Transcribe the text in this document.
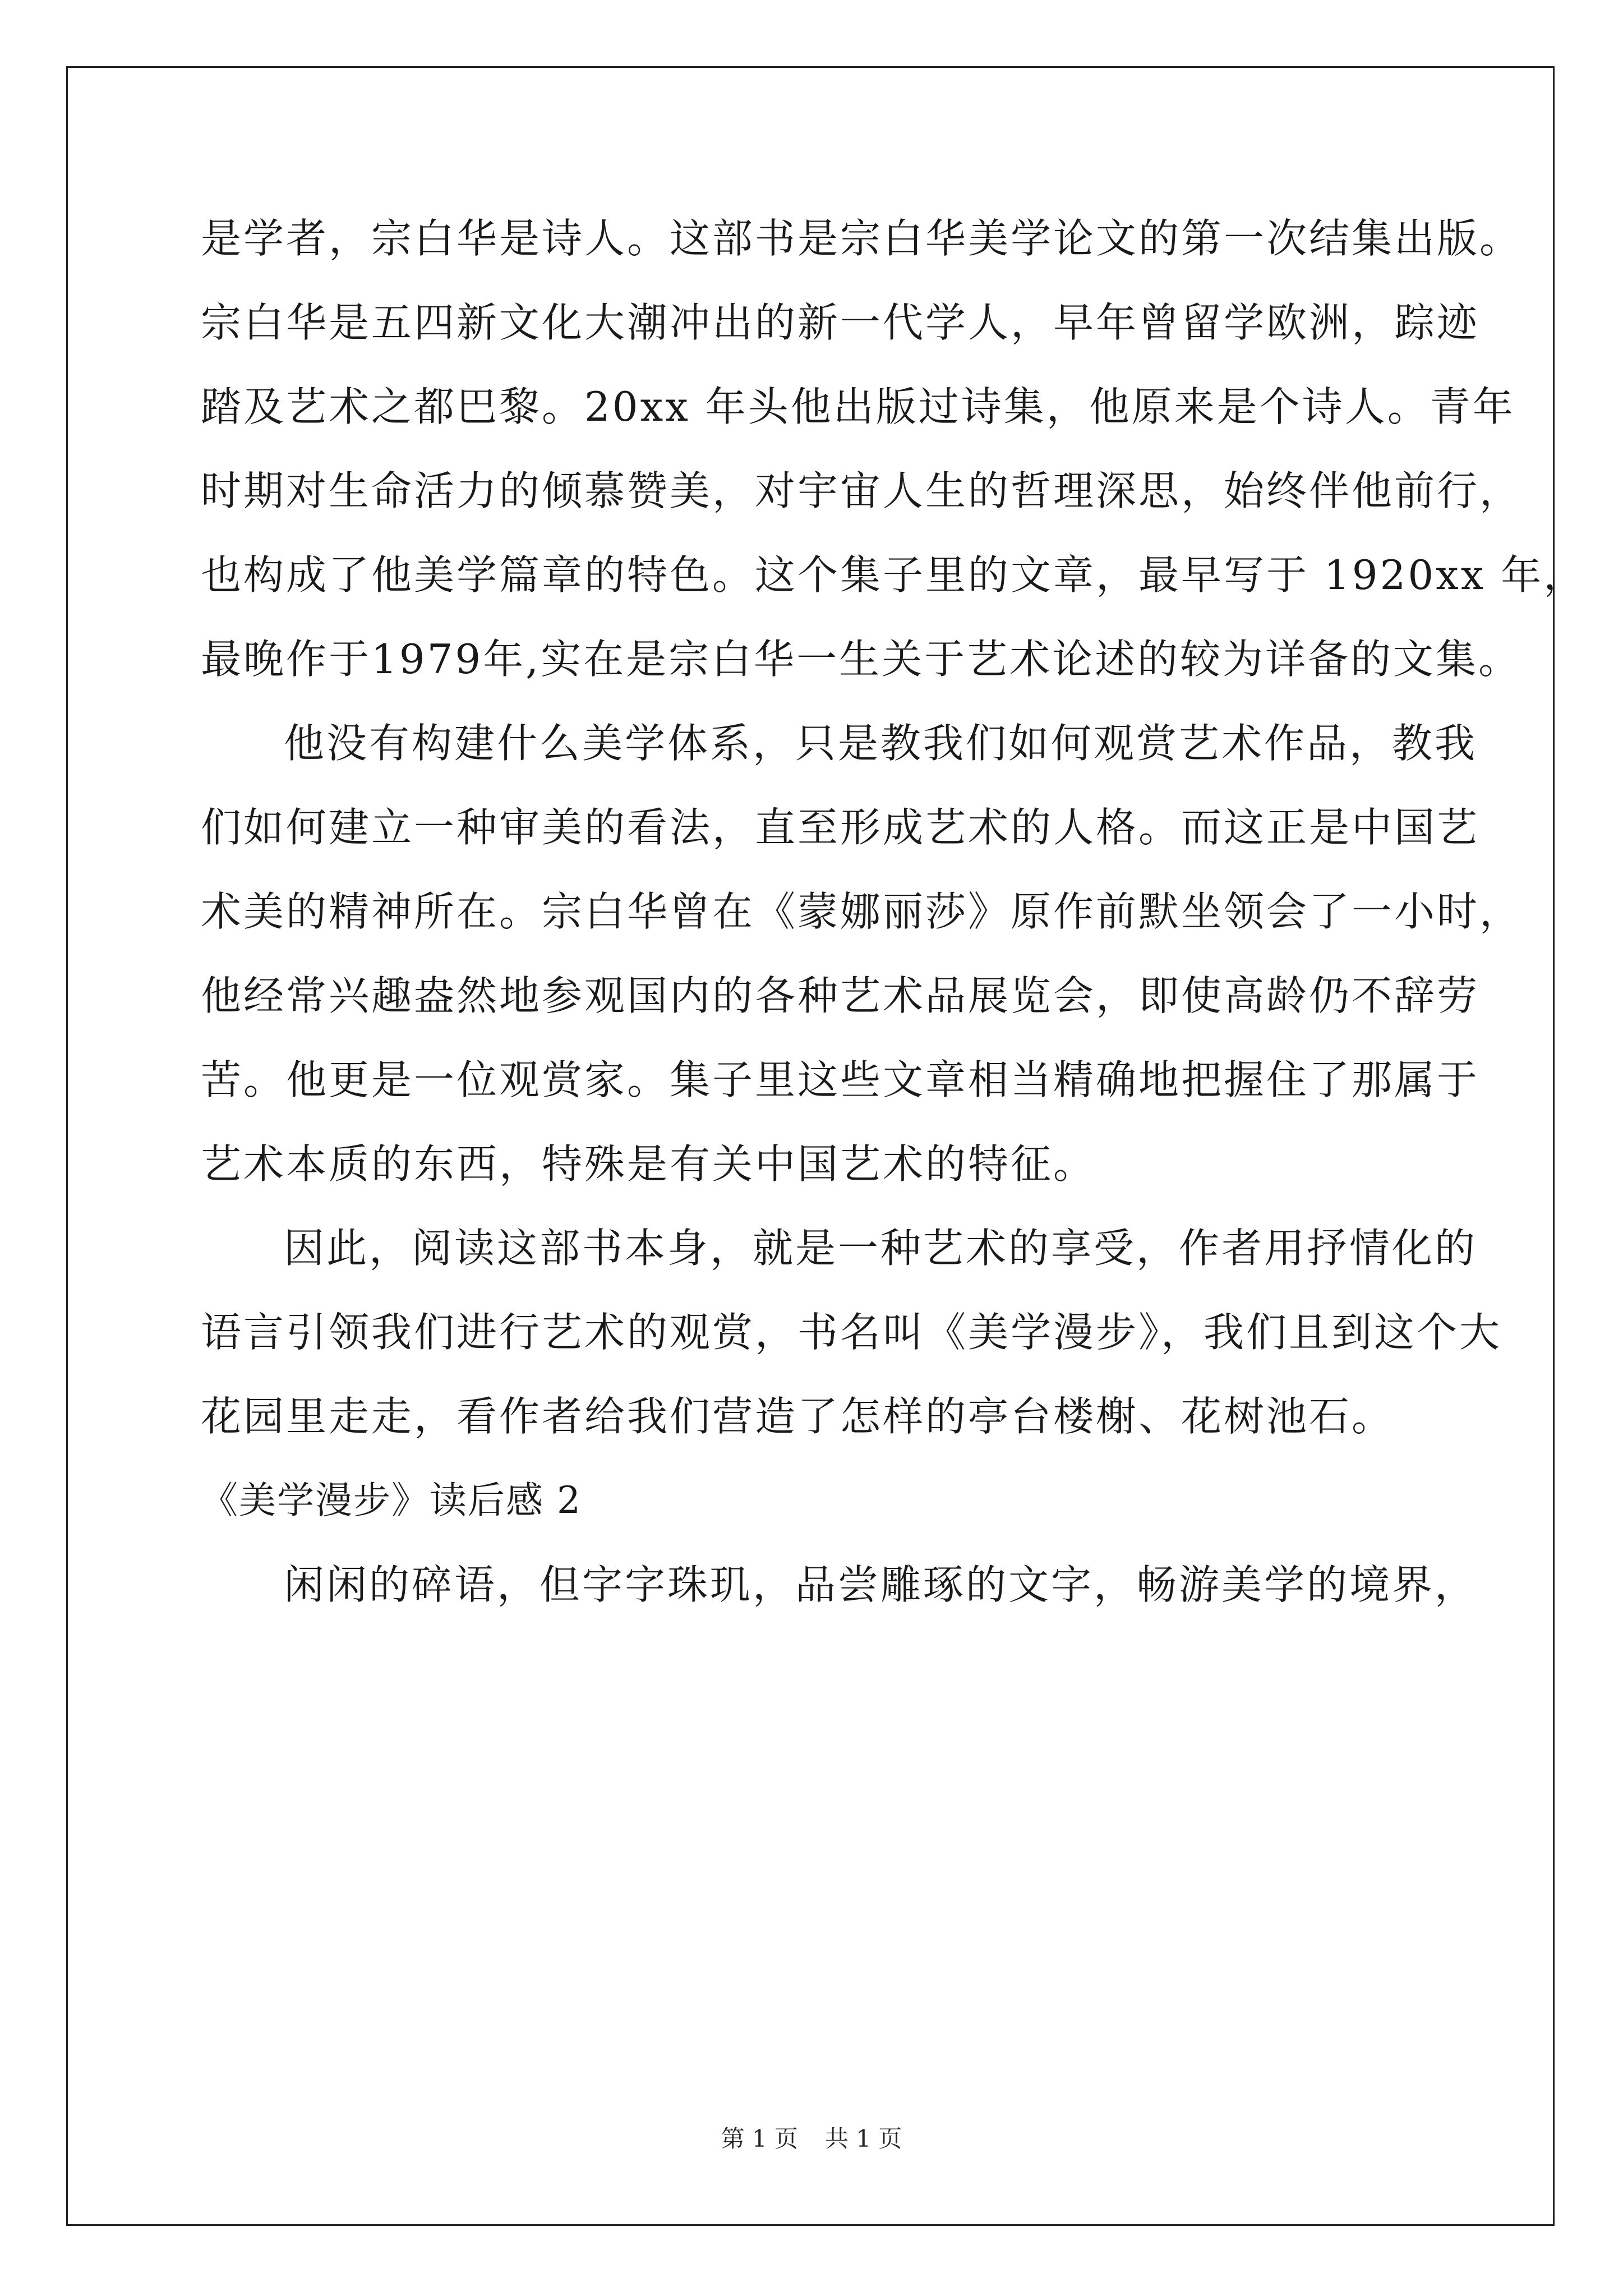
是学者，宗白华是诗人。这部书是宗白华美学论文的第一次结集出版。
宗白华是五四新文化大潮冲出的新一代学人，早年曾留学欧洲，踪迹
踏及艺术之都巴黎。20xx 年头他出版过诗集，他原来是个诗人。青年
时期对生命活力的倾慕赞美，对宇宙人生的哲理深思，始终伴他前行，
也构成了他美学篇章的特色。这个集子里的文章，最早写于 1920xx 年，
最晚作于1979年,实在是宗白华一生关于艺术论述的较为详备的文集。
他没有构建什么美学体系，只是教我们如何观赏艺术作品，教我
们如何建立一种审美的看法，直至形成艺术的人格。而这正是中国艺
术美的精神所在。宗白华曾在《蒙娜丽莎》原作前默坐领会了一小时，
他经常兴趣盎然地参观国内的各种艺术品展览会，即使高龄仍不辞劳
苦。他更是一位观赏家。集子里这些文章相当精确地把握住了那属于
艺术本质的东西，特殊是有关中国艺术的特征。
因此，阅读这部书本身，就是一种艺术的享受，作者用抒情化的
语言引领我们进行艺术的观赏，书名叫《美学漫步》，我们且到这个大
花园里走走，看作者给我们营造了怎样的亭台楼榭、花树池石。
《美学漫步》读后感 2
闲闲的碎语，但字字珠玑，品尝雕琢的文字，畅游美学的境界，
第 1 页 共 1 页
